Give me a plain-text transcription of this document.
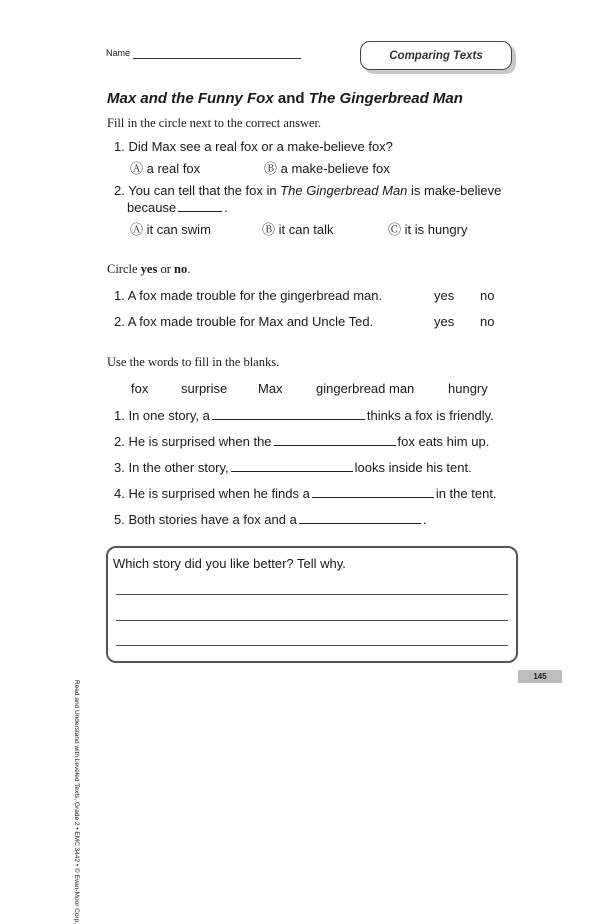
Name	Comparing Texts
Max and the Funny Fox and The Gingerbread Man
Fill in the circle next to the correct answer.
1. Did Max see a real fox or a make-believe fox?
Ⓐ a real fox	Ⓑ a make-believe fox
2. You can tell that the fox in The Gingerbread Man is make-believe
because	.
Ⓐ it can swim	Ⓑ it can talk	Ⓒ it is hungry
Circle yes or no.
1. A fox made trouble for the gingerbread man.	yes no
2. A fox made trouble for Max and Uncle Ted.	yes no
Use the words to fill in the blanks.
fox	surprise Max	gingerbread man	hungry
1. In one story, a	thinks a fox is friendly.
2. He is surprised when the	fox eats him up.
3. In the other story,	looks inside his tent.
4. He is surprised when he finds a	in the tent.
5. Both stories have a fox and a	.
Which story did you like better? Tell why.
Read and Understand with Leveled Texts, Grade 2 • EMC 3442 • © Evan-Moor Corp.
145
